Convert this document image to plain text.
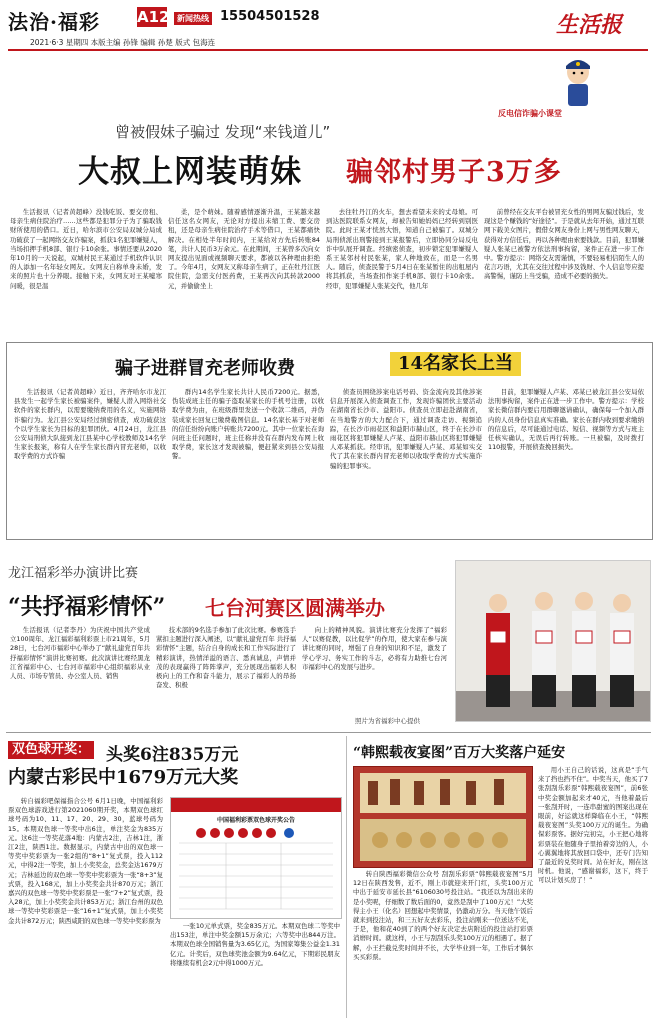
法治·福彩 A12 新闻热线 15504501528
2021·6·3 星期四 本版主编 孙锋 编辑 孙楚 版式 包海连
生活报
反电信诈骗小课堂
曾被假妹子骗过 发现“来钱道儿”
大叔上网装萌妹 骗邻村男子3万多

生活报讯（记者黄超峰）没钱吃饭、要交房租、母亲生病住院治疗……这些都是犯罪分子为了骗取钱财所使用的借口。近日，哈尔滨市公安局双城分局成功破获了一起网络交友诈骗案，抓获1名犯罪嫌疑人，当场扣押手机8部、银行卡10余张。事情还要从2020年10月的一天说起，双城村民王某通过手机软件认识的人添加一名年轻女网友。女网友自称单身未婚，发来的照片也十分养眼。接触下来，女网友对王某嘘寒问暖，很是温

柔，是个萌妹。随着感情逐渐升温，王某越来越信任这名女网友，无论对方提出未缩工费、要交房租，还是母亲生病住院治疗手术等借口，王某都痛快解决。在相处半年时间内，王某给对方先后转账84笔，共计人民币3万余元。在此期间，王某曾多次向女网友提出见面或视频聊天要求，都被以各种理由拒绝了。今年4月，女网友又称母亲生病了，正在牡丹江医院住院，急需支付医药费，王某再次向其转款2000元，并偷偷坐上

去往牡丹江的火车，想去看望未来的丈母娘。可到达医院联系女网友，却被告知她妈妈已经转到别医院。此时王某才恍然大悟，知道自己被骗了。双城分局刑侦派出刑警接到王某报警后，立即协同分局反电诈中队展开调查。经缜密侦查，初步锁定犯罪嫌疑人系王某邻村村民张某，家人种地致在，而是一名男人。随后，侦查民警于5月4日在张某暂住的出租屋内将其抓获，当场查扣作案手机8部、银行卡10余张。经审，犯罪嫌疑人张某交代，他几年

前曾经在交友平台被冒充女性的男网友骗过钱后，发现这是个赚钱的“好途径”。于是就从去年开始，通过互联网下载美女图片，假借女网友身份上网与男性网友聊天，获得对方信任后，再以各种理由索要钱款。目前，犯罪嫌疑人张某已被警方依法刑事拘留，案件正在进一步工作中。警方提示：网络交友需谨慎，不要轻易相信陌生人的花言巧语，尤其在交往过程中涉及钱财、个人信息等应提高警惕，谨防上当受骗，造成不必要的损失。

骗子进群冒充老师收费	14名家长上当

生活报讯（记者黄超峰）近日，齐齐哈尔市龙江县发生一起学生家长被骗案件，嫌疑人潜入网络社交软件的家长群内，以需要缴纳费用的名义，实施网络诈骗行为。龙江县公安局经过缜密侦查，成功破获这个以学生家长为目标的犯罪团伙。4月24日，龙江县公安局刑侦大队接到龙江县某中心学校教师及14名学生家长报案，称有人在学生家长群内冒充老师，以收取学费的方式诈骗

群内14名学生家长共计人民币7200元。据悉，伪装成班主任的骗子盗取某家长的手机号注册，以收取学费为由，在班级群里发送一个收款二维码，并伪装成家长回复已缴费截图信息。14名家长基于对老师的信任纷纷向账户转账共7200元。其中一位家长在询问班主任问题时，班主任称并没有在群内发布网上收取学费，家长这才发现被骗，便赶紧来到县公安局报警。

侦查员围绕涉案电话号码、资金流向及其他涉案信息开展深入侦查调查工作，发现诈骗团伙主要活动在湖南省长沙市、益阳市。侦查员立即赶赴湖南省，在当地警方的大力配合下，通过调查走访、视频追踪，在长沙市雨花区和益阳市赫山区，终于在长沙市雨花区将犯罪嫌疑人卢某、益阳市赫山区将犯罪嫌疑人邓某抓获。经审讯，犯罪嫌疑人卢某、邓某如实交代了其在家长群内冒充老师以收取学费的方式实施诈骗的犯罪事实。

目前，犯罪嫌疑人卢某、邓某已被龙江县公安局依法刑事拘留，案件正在进一步工作中。警方提示：学校家长微信群内要启用群聊邀请确认，确保每一个加入群内的人员身份信息真实准确。家长在群内收到要求缴纳的信息后，尽可能通过电话、短信、视频等方式与班主任核实确认，无误后再行转账。一旦被骗，及时拨打110报警，开展侦查挽回损失。

龙江福彩举办演讲比赛
“共抒福彩情怀” 七台河赛区圆满举办

生活报讯（记者李丹）为庆祝中国共产党成立100周年、龙江福彩福利彩票上市21周年，5月28日，七台河市福彩中心举办了“献礼建党百年共抒福彩情怀”演讲比赛初赛。此次演讲比赛经黑龙江省福彩中心、七台河市福彩中心组织福彩从业人员、市场专管员、办公室人员、销售

技术部的9名选手参加了此次比赛。参赛选手紧扣主题进行深入阐述，以“献礼建党百年 共抒福彩情怀”主题，结合自身的成长和工作实际进行了精彩演讲，热情洋溢的语言、悉真诚息，声情并茂的表现赢得了阵阵掌声，充分展现出福彩人积极向上的工作和奋斗能力，展示了福彩人的昂扬奋发、积极

向上的精神风貌。演讲比赛充分发挥了“福彩人”以赛促教，以比促学”的作用，使大家在参与演讲比赛的同时，增强了自身的知识和不足，激发了学心学习、务实工作的斗志，必将有力助推七台河市福彩中心的发展与进步。

照片为省福彩中心提供
双色球开奖： 头奖6注835万元
内蒙古彩民中1679万元大奖

转自福彩吧保福指合公号 6月1日晚，中国福利彩票双色球游戏进行第2021060期开奖，本期双色球红球号码为10、11、17、20、29、30，蓝球号码为15。本期双色球一等奖中出6注，单注奖金为835万元。这6注一等奖花落4地：内蒙古2注，吉林1注，浙江2注，陕西1注。数据显示，内蒙古中出的双色球一等奖中奖彩票为一张2组的“8+1”复式票，投入112元，中得2注一等奖，加上小奖奖金，总奖金达1679万元；吉林延边的双色球一等奖中奖彩票为一张“8+3”复式票，投入168元，加上小奖奖金共计870万元；浙江嘉兴的双色球一等奖中奖彩票是一张“7+2”复式票，投入28元，加上小奖奖金共计853万元；浙江台州的双色球一等奖中奖彩票是一张“16+1”复式票，加上小奖奖金共计872万元；陕西咸阳的双色球一等奖中奖彩票为

中国福利彩票双色球开奖公告

一张10元单式票，奖金835万元。本期双色球二等奖中出153注，单注中奖金额15万余元；六等奖中出844万注。本期双色球全国销售量为3.65亿元，为国家筹集公益金1.31亿元。计奖后，双色球奖池金额为9.64亿元，下期彩民朋友将继续有机会2元中得1000万元。

“韩熙载夜宴图”百万大奖落户延安

转自陕西福彩微信公众号 刮刮乐彩票“韩熙载夜宴图”5月12日在陕西发售，近不，刚上市就迎来开门红，头奖100万元中出于延安市延长县“6106030号投注站。“我还以为刮出来的是小奖呢，仔细数了数后面的0，竟然是刮中了100万元！”大奖得主小王（化名）回想起中奖情景，仍激动万分。当天他午饭后就来到投注站，和三五好友去彩乐，投注站刚来一位送达不光，于是，他和花40到了的两个好友决定去店附近的投注站打彩票消磨时间。就这样，小王与刮刮乐头奖100万元的相遇了。据了解，小王拦截兑奖时间并不长，大学毕业到一年，工作后才偶尔买买彩票。

用小王自己的话说，这真是“手气来了挡也挡不住”。中奖当天，他买了7张刮刮乐彩票“韩熙载夜宴图”，前6张中奖金额加起来才40元，当他着最后一张刮开时，一连串甜蜜的图案出现在眼前，好运就这样降临在小王，“韩熙载夜宴图”头奖100万元的诞生。为确保彩票客。据好完初完，小王把心地将彩票装在他随身子里拍着旁边的人，小心翼翼地将其放回口袋中，还专门告知了最近的兑奖时间。站在好友，刚在这时机。他说，“感谢福彩，这下，终于可以计划买房了！”
